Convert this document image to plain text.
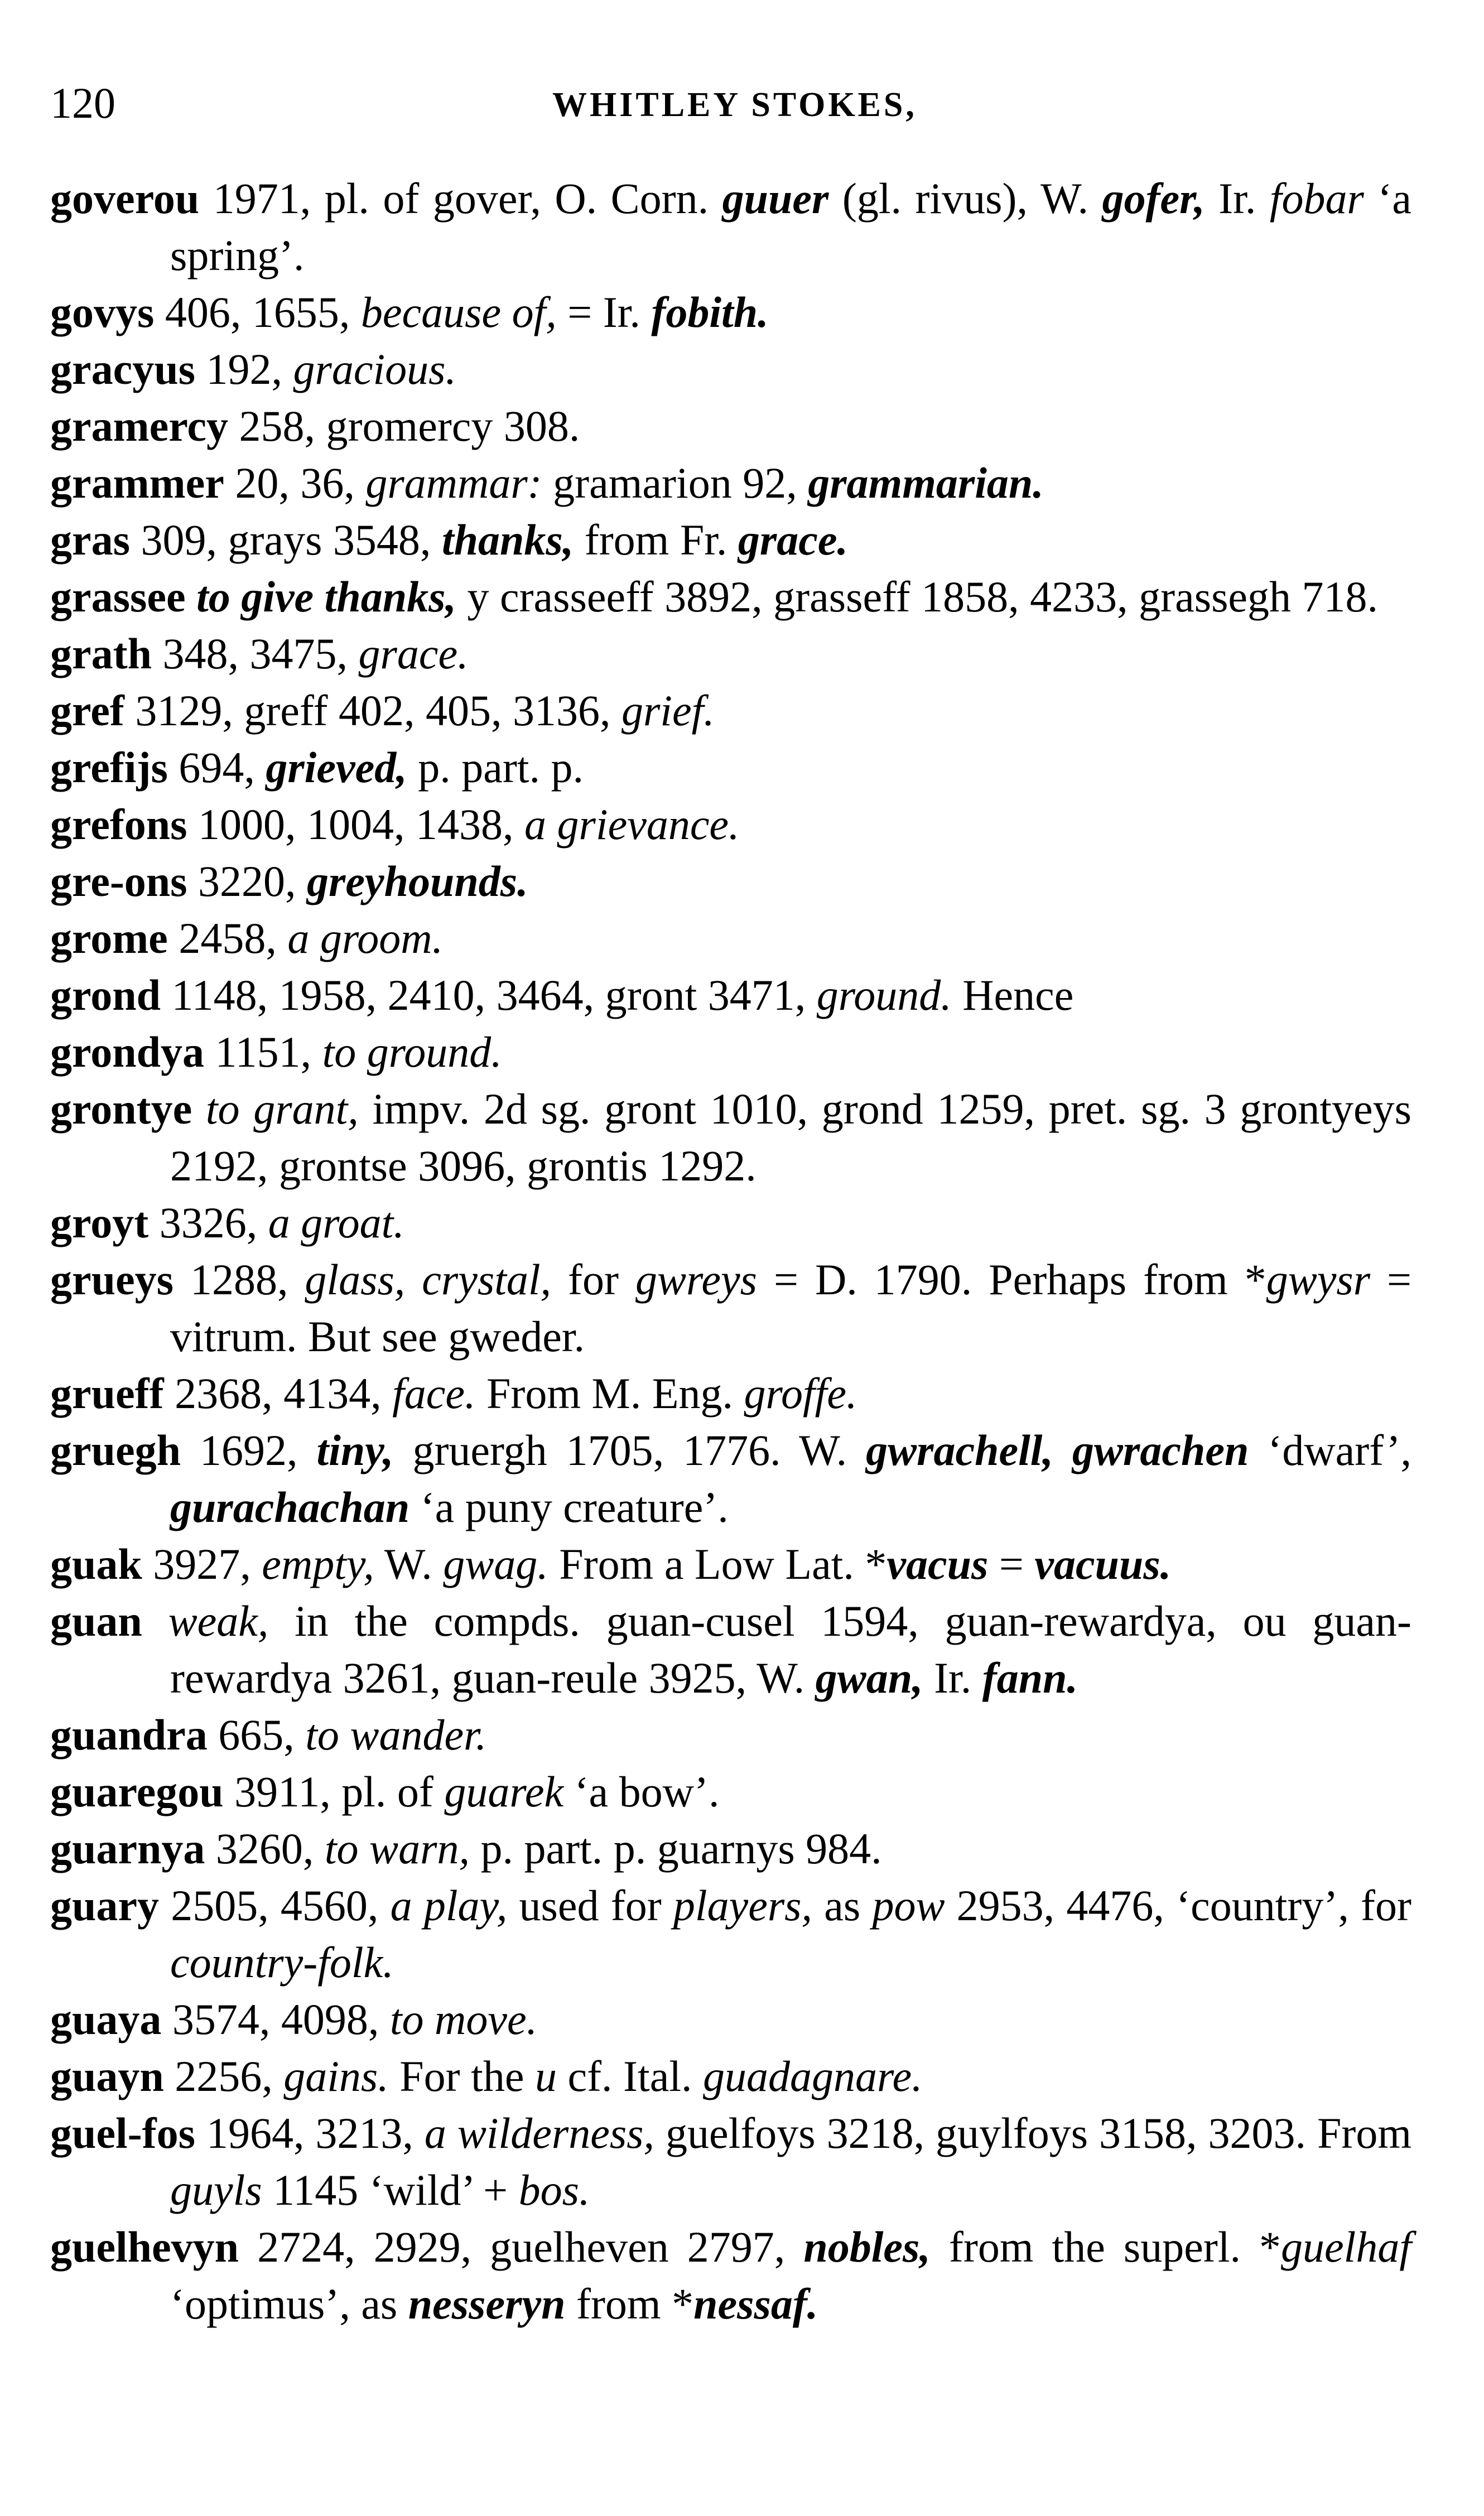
120	WHITLEY STOKES,

goverou 1971, pl. of gover, O. Corn. guuer (gl. rivus), W. gofer, Ir. fobar ‘a spring’.

govys 406, 1655, because of, = Ir. fobith.

gracyus 192, gracious.

gramercy 258, gromercy 308.

grammer 20, 36, grammar: gramarion 92, grammarian.

gras 309, grays 3548, thanks, from Fr. grace.

grassee to give thanks, y crasseeff 3892, grasseff 1858, 4233, grassegh 718.

grath 348, 3475, grace.

gref 3129, greff 402, 405, 3136, grief.

grefijs 694, grieved, p. part. p.

grefons 1000, 1004, 1438, a grievance.

gre-ons 3220, greyhounds.

grome 2458, a groom.

grond 1148, 1958, 2410, 3464, gront 3471, ground. Hence

grondya 1151, to ground.

grontye to grant, impv. 2d sg. gront 1010, grond 1259, pret. sg. 3 grontyeys 2192, grontse 3096, grontis 1292.

groyt 3326, a groat.

grueys 1288, glass, crystal, for gwreys = D. 1790. Perhaps from *gwysr = vitrum. But see gweder.

grueff 2368, 4134, face. From M. Eng. groffe.

gruegh 1692, tiny, gruergh 1705, 1776. W. gwrachell, gwrachen ‘dwarf’, gurachachan ‘a puny creature’.

guak 3927, empty, W. gwag. From a Low Lat. *vacus = vacuus.

guan weak, in the compds. guan-cusel 1594, guan-rewardya, ou guan-rewardya 3261, guan-reule 3925, W. gwan, Ir. fann.

guandra 665, to wander.

guaregou 3911, pl. of guarek ‘a bow’.

guarnya 3260, to warn, p. part. p. guarnys 984.

guary 2505, 4560, a play, used for players, as pow 2953, 4476, ‘country’, for country-folk.

guaya 3574, 4098, to move.

guayn 2256, gains. For the u cf. Ital. guadagnare.

guel-fos 1964, 3213, a wilderness, guelfoys 3218, guylfoys 3158, 3203. From guyls 1145 ‘wild’ + bos.

guelhevyn 2724, 2929, guelheven 2797, nobles, from the superl. *guelhaf ‘optimus’, as nesseryn from *nessaf.
